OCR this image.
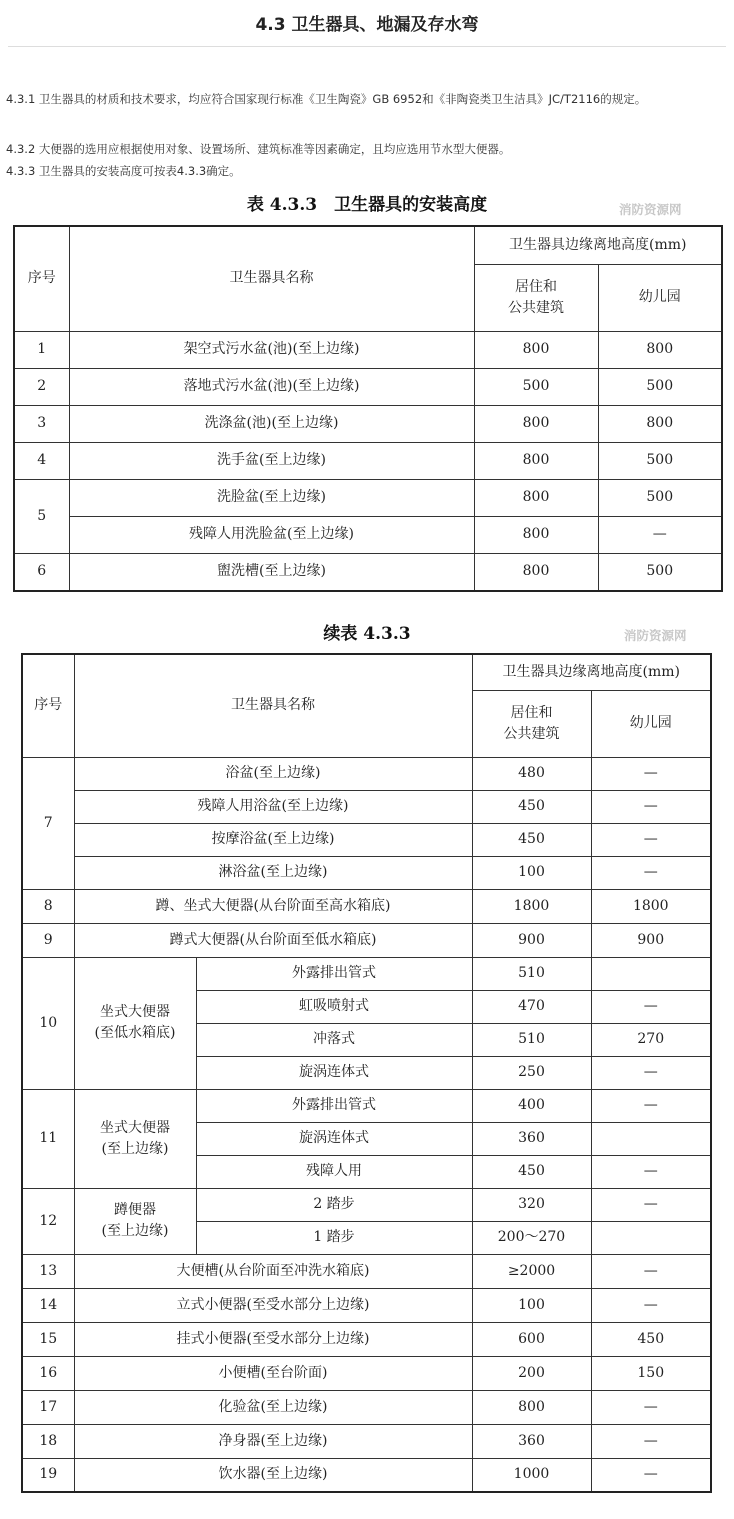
4.3 卫生器具、地漏及存水弯
4.3.1 卫生器具的材质和技术要求，均应符合国家现行标准《卫生陶瓷》GB 6952和《非陶瓷类卫生洁具》JC/T2116的规定。
4.3.2 大便器的选用应根据使用对象、设置场所、建筑标准等因素确定，且均应选用节水型大便器。
4.3.3 卫生器具的安装高度可按表4.3.3确定。
表 4.3.3　卫生器具的安装高度	消防资源网
序号	卫生器具名称	卫生器具边缘离地高度(mm)	
		居住和
公共建筑	幼儿园
1	架空式污水盆(池)(至上边缘)	800	800
2	落地式污水盆(池)(至上边缘)	500	500
3	洗涤盆(池)(至上边缘)	800	800
4	洗手盆(至上边缘)	800	500
5	洗脸盆(至上边缘)	800	500
	残障人用洗脸盆(至上边缘)	800	—
6	盥洗槽(至上边缘)	800	500
续表 4.3.3	消防资源网
序号	卫生器具名称		卫生器具边缘离地高度(mm)	
			居住和
公共建筑	幼儿园
7	浴盆(至上边缘)		480	—
	残障人用浴盆(至上边缘)		450	—
	按摩浴盆(至上边缘)		450	—
	淋浴盆(至上边缘)		100	—
8	蹲、坐式大便器(从台阶面至高水箱底)		1800	1800
9	蹲式大便器(从台阶面至低水箱底)		900	900
10	坐式大便器
(至低水箱底)	外露排出管式	510	
		虹吸喷射式	470	—
		冲落式	510	270
		旋涡连体式	250	—
11	坐式大便器
(至上边缘)	外露排出管式	400	—
		旋涡连体式	360	
		残障人用	450	—
12	蹲便器
(至上边缘)	2 踏步	320	—
		1 踏步	200～270	
13	大便槽(从台阶面至冲洗水箱底)		≥2000	—
14	立式小便器(至受水部分上边缘)		100	—
15	挂式小便器(至受水部分上边缘)		600	450
16	小便槽(至台阶面)		200	150
17	化验盆(至上边缘)		800	—
18	净身器(至上边缘)		360	—
19	饮水器(至上边缘)		1000	—
